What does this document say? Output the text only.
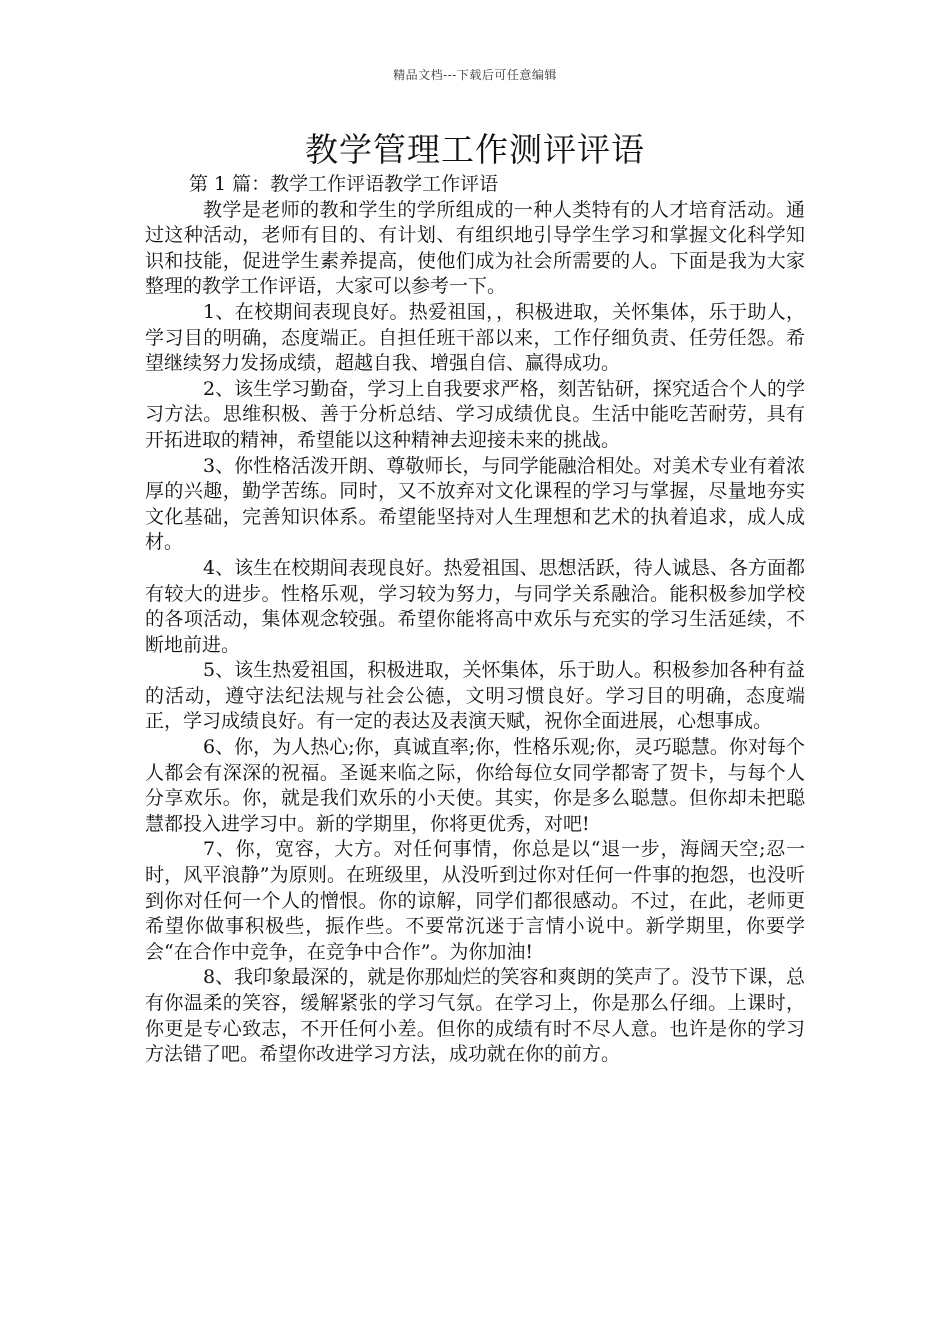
精品文档---下载后可任意编辑
教学管理工作测评评语
第 1 篇：教学工作评语教学工作评语

教学是老师的教和学生的学所组成的一种人类特有的人才培育活动。通过这种活动，老师有目的、有计划、有组织地引导学生学习和掌握文化科学知识和技能，促进学生素养提高，使他们成为社会所需要的人。下面是我为大家整理的教学工作评语，大家可以参考一下。

1、在校期间表现良好。热爱祖国，，积极进取，关怀集体，乐于助人，学习目的明确，态度端正。自担任班干部以来，工作仔细负责、任劳任怨。希望继续努力发扬成绩，超越自我、增强自信、赢得成功。

2、该生学习勤奋，学习上自我要求严格，刻苦钻研，探究适合个人的学习方法。思维积极、善于分析总结、学习成绩优良。生活中能吃苦耐劳，具有开拓进取的精神，希望能以这种精神去迎接未来的挑战。

3、你性格活泼开朗、尊敬师长，与同学能融洽相处。对美术专业有着浓厚的兴趣，勤学苦练。同时，又不放弃对文化课程的学习与掌握，尽量地夯实文化基础，完善知识体系。希望能坚持对人生理想和艺术的执着追求，成人成材。

4、该生在校期间表现良好。热爱祖国、思想活跃，待人诚恳、各方面都有较大的进步。性格乐观，学习较为努力，与同学关系融洽。能积极参加学校的各项活动，集体观念较强。希望你能将高中欢乐与充实的学习生活延续，不断地前进。

5、该生热爱祖国，积极进取，关怀集体，乐于助人。积极参加各种有益的活动，遵守法纪法规与社会公德，文明习惯良好。学习目的明确，态度端正，学习成绩良好。有一定的表达及表演天赋，祝你全面进展，心想事成。

6、你，为人热心;你，真诚直率;你，性格乐观;你，灵巧聪慧。你对每个人都会有深深的祝福。圣诞来临之际，你给每位女同学都寄了贺卡，与每个人分享欢乐。你，就是我们欢乐的小天使。其实，你是多么聪慧。但你却未把聪慧都投入进学习中。新的学期里，你将更优秀，对吧!

7、你，宽容，大方。对任何事情，你总是以“退一步，海阔天空;忍一时，风平浪静”为原则。在班级里，从没听到过你对任何一件事的抱怨，也没听到你对任何一个人的憎恨。你的谅解，同学们都很感动。不过，在此，老师更希望你做事积极些，振作些。不要常沉迷于言情小说中。新学期里，你要学会“在合作中竞争，在竞争中合作”。为你加油!

8、我印象最深的，就是你那灿烂的笑容和爽朗的笑声了。没节下课，总有你温柔的笑容，缓解紧张的学习气氛。在学习上，你是那么仔细。上课时，你更是专心致志，不开任何小差。但你的成绩有时不尽人意。也许是你的学习方法错了吧。希望你改进学习方法，成功就在你的前方。
